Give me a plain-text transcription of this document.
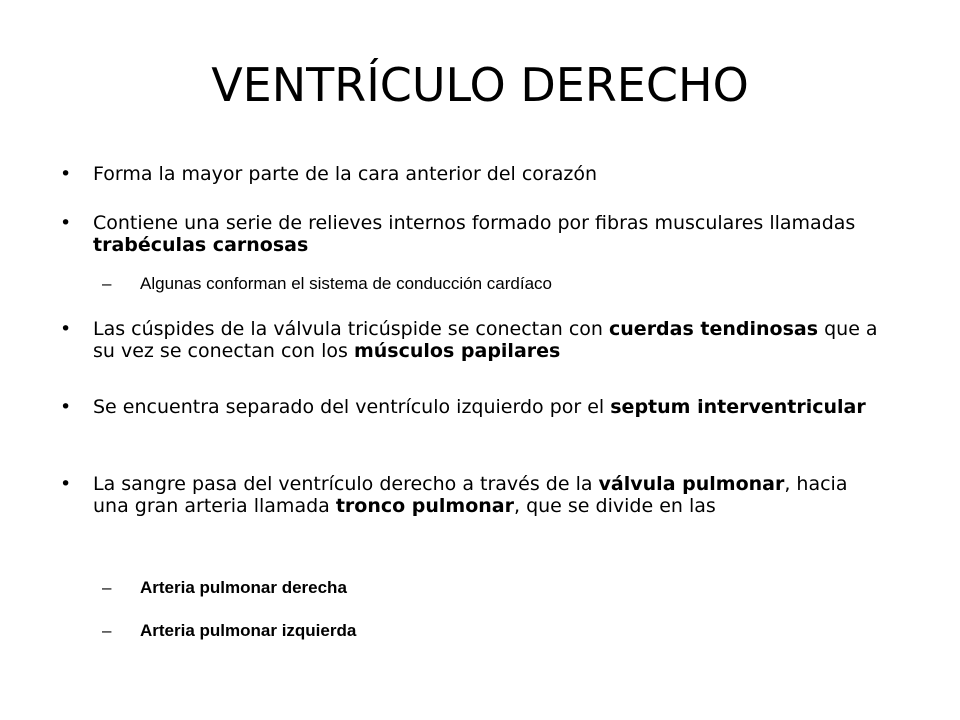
VENTRÍCULO DERECHO
• Forma la mayor parte de la cara anterior del corazón
• Contiene una serie de relieves internos formado por fibras musculares llamadas trabéculas carnosas
– Algunas conforman el sistema de conducción cardíaco
• Las cúspides de la válvula tricúspide se conectan con cuerdas tendinosas que a su vez se conectan con los músculos papilares
• Se encuentra separado del ventrículo izquierdo por el septum interventricular
• La sangre pasa del ventrículo derecho a través de la válvula pulmonar, hacia una gran arteria llamada tronco pulmonar, que se divide en las
– Arteria pulmonar derecha
– Arteria pulmonar izquierda
